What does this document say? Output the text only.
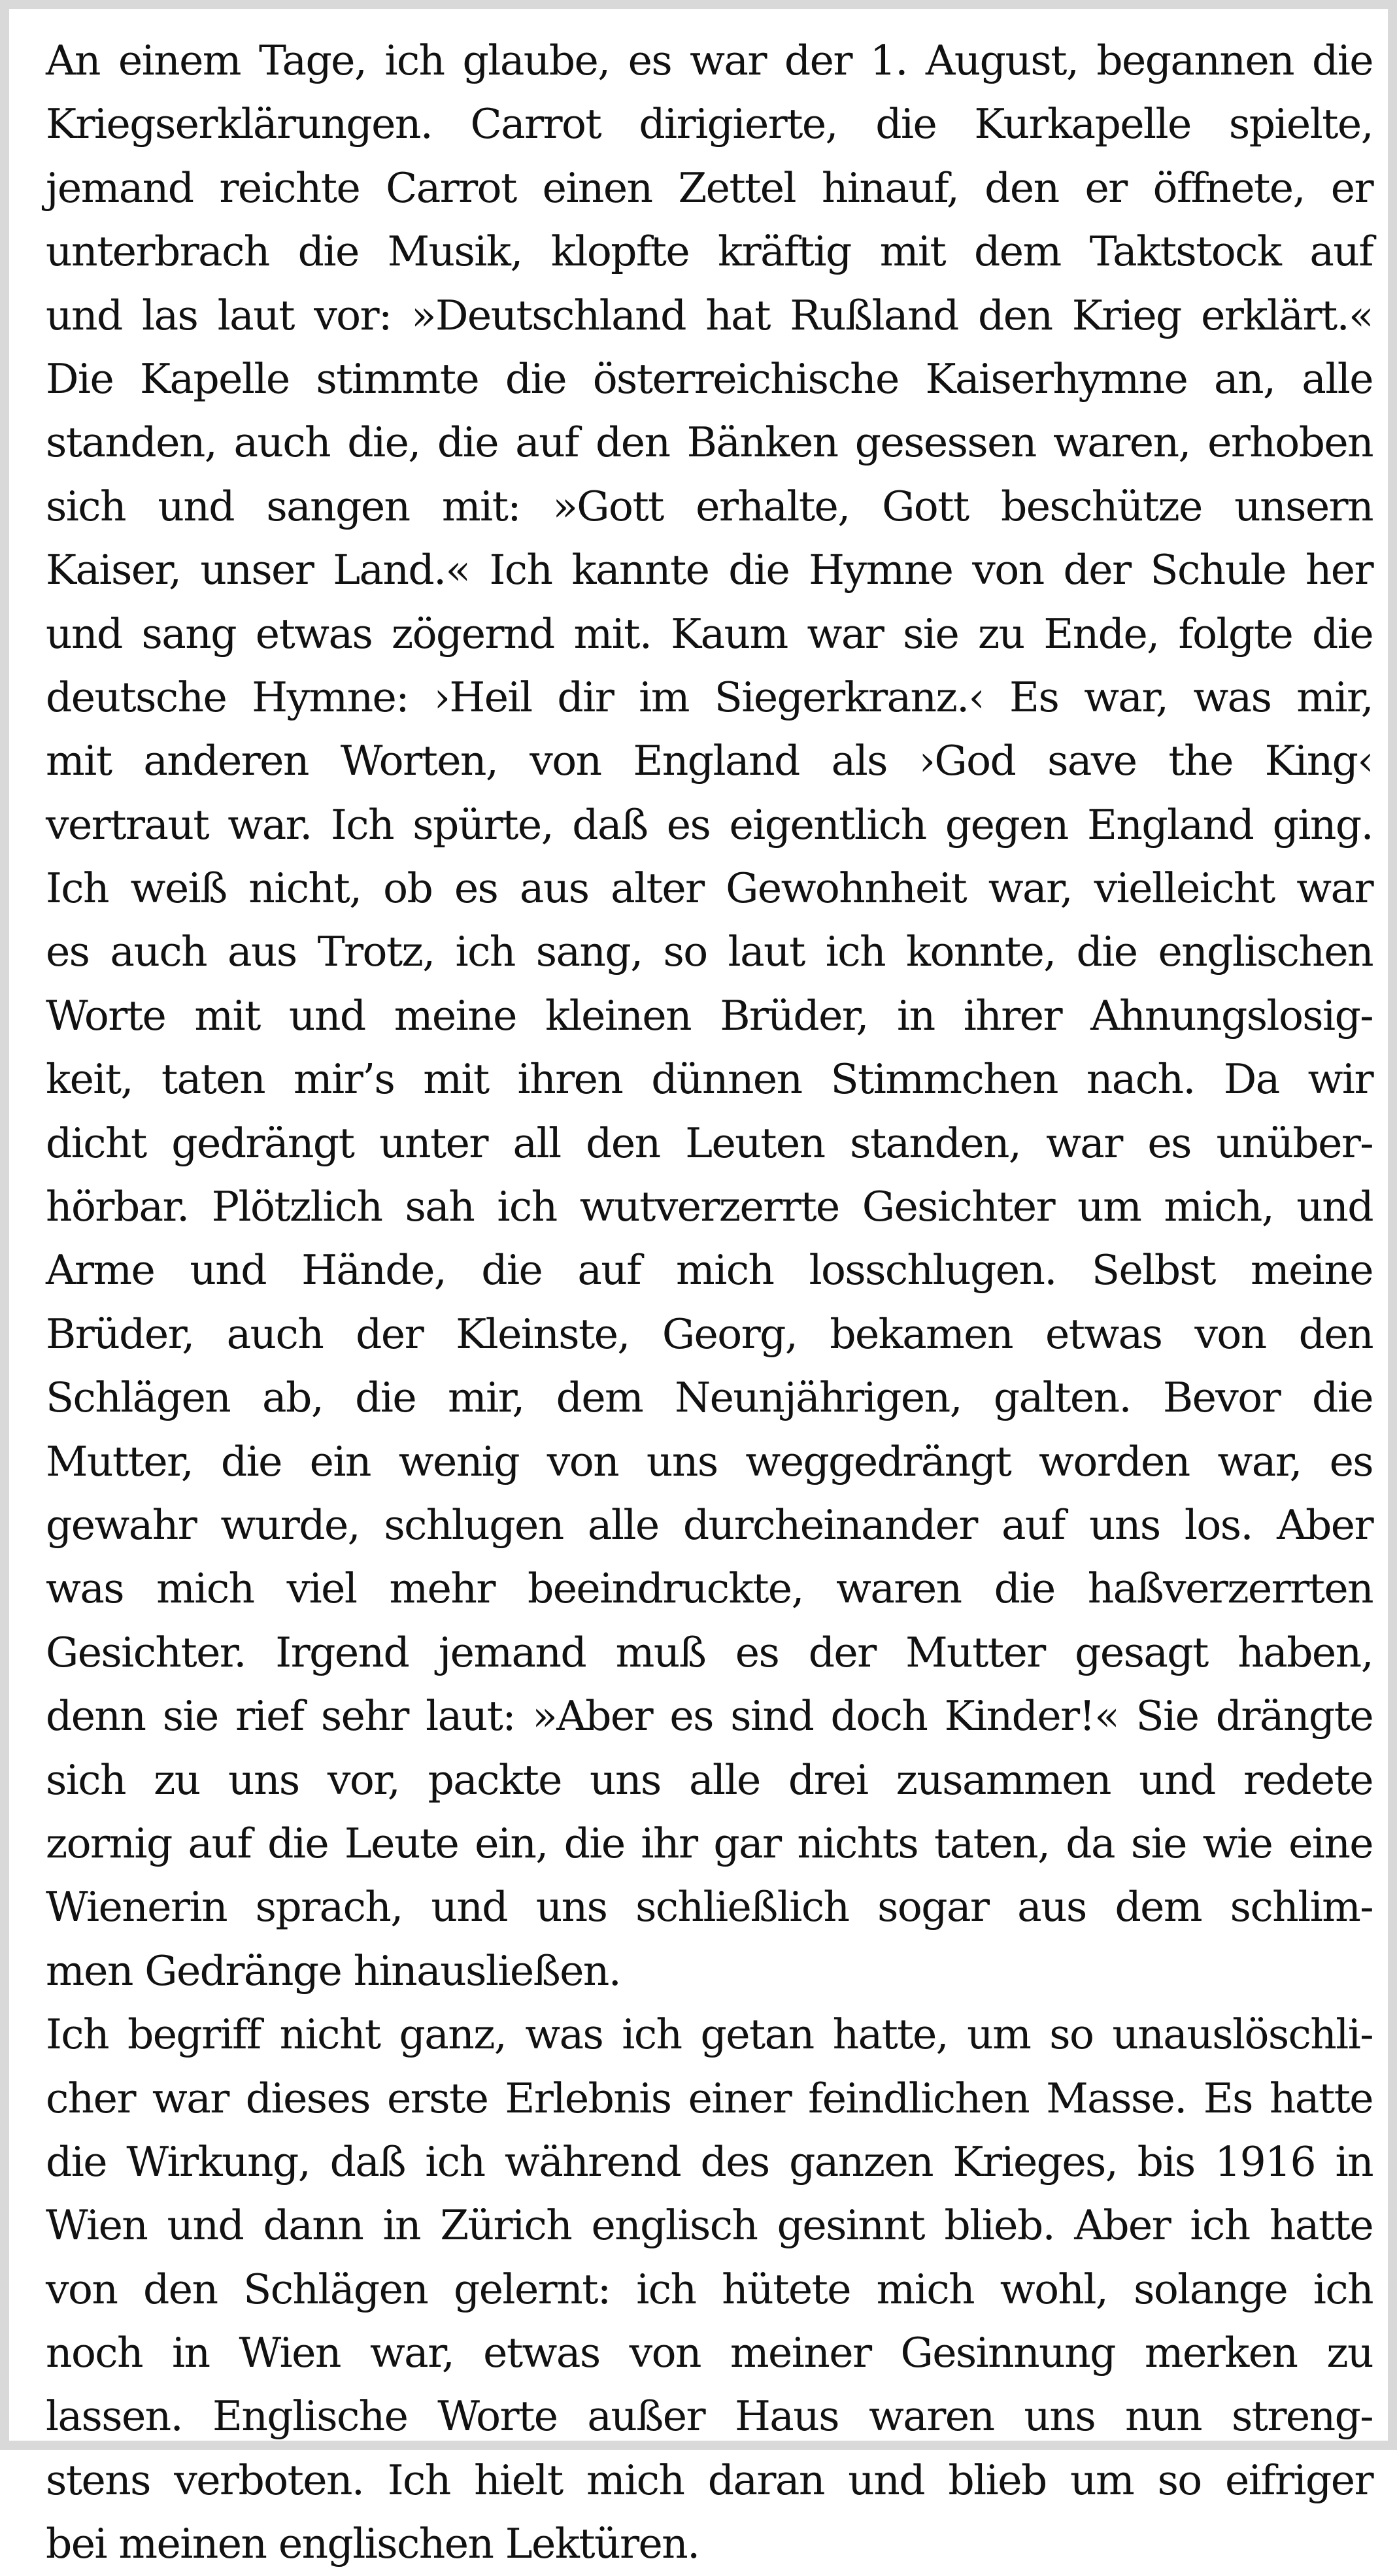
An einem Tage, ich glaube, es war der 1. August, begannen die
Kriegserklärungen. Carrot dirigierte, die Kurkapelle spielte,
jemand reichte Carrot einen Zettel hinauf, den er öffnete, er
unterbrach die Musik, klopfte kräftig mit dem Taktstock auf
und las laut vor: »Deutschland hat Rußland den Krieg erklärt.«
Die Kapelle stimmte die österreichische Kaiserhymne an, alle
standen, auch die, die auf den Bänken gesessen waren, erhoben
sich und sangen mit: »Gott erhalte, Gott beschütze unsern
Kaiser, unser Land.« Ich kannte die Hymne von der Schule her
und sang etwas zögernd mit. Kaum war sie zu Ende, folgte die
deutsche Hymne: ›Heil dir im Siegerkranz.‹ Es war, was mir,
mit anderen Worten, von England als ›God save the King‹
vertraut war. Ich spürte, daß es eigentlich gegen England ging.
Ich weiß nicht, ob es aus alter Gewohnheit war, vielleicht war
es auch aus Trotz, ich sang, so laut ich konnte, die englischen
Worte mit und meine kleinen Brüder, in ihrer Ahnungslosig-
keit, taten mir’s mit ihren dünnen Stimmchen nach. Da wir
dicht gedrängt unter all den Leuten standen, war es unüber-
hörbar. Plötzlich sah ich wutverzerrte Gesichter um mich, und
Arme und Hände, die auf mich losschlugen. Selbst meine
Brüder, auch der Kleinste, Georg, bekamen etwas von den
Schlägen ab, die mir, dem Neunjährigen, galten. Bevor die
Mutter, die ein wenig von uns weggedrängt worden war, es
gewahr wurde, schlugen alle durcheinander auf uns los. Aber
was mich viel mehr beeindruckte, waren die haßverzerrten
Gesichter. Irgend jemand muß es der Mutter gesagt haben,
denn sie rief sehr laut: »Aber es sind doch Kinder!« Sie drängte
sich zu uns vor, packte uns alle drei zusammen und redete
zornig auf die Leute ein, die ihr gar nichts taten, da sie wie eine
Wienerin sprach, und uns schließlich sogar aus dem schlim-
men Gedränge hinausließen.
Ich begriff nicht ganz, was ich getan hatte, um so unauslöschli-
cher war dieses erste Erlebnis einer feindlichen Masse. Es hatte
die Wirkung, daß ich während des ganzen Krieges, bis 1916 in
Wien und dann in Zürich englisch gesinnt blieb. Aber ich hatte
von den Schlägen gelernt: ich hütete mich wohl, solange ich
noch in Wien war, etwas von meiner Gesinnung merken zu
lassen. Englische Worte außer Haus waren uns nun streng-
stens verboten. Ich hielt mich daran und blieb um so eifriger
bei meinen englischen Lektüren.
